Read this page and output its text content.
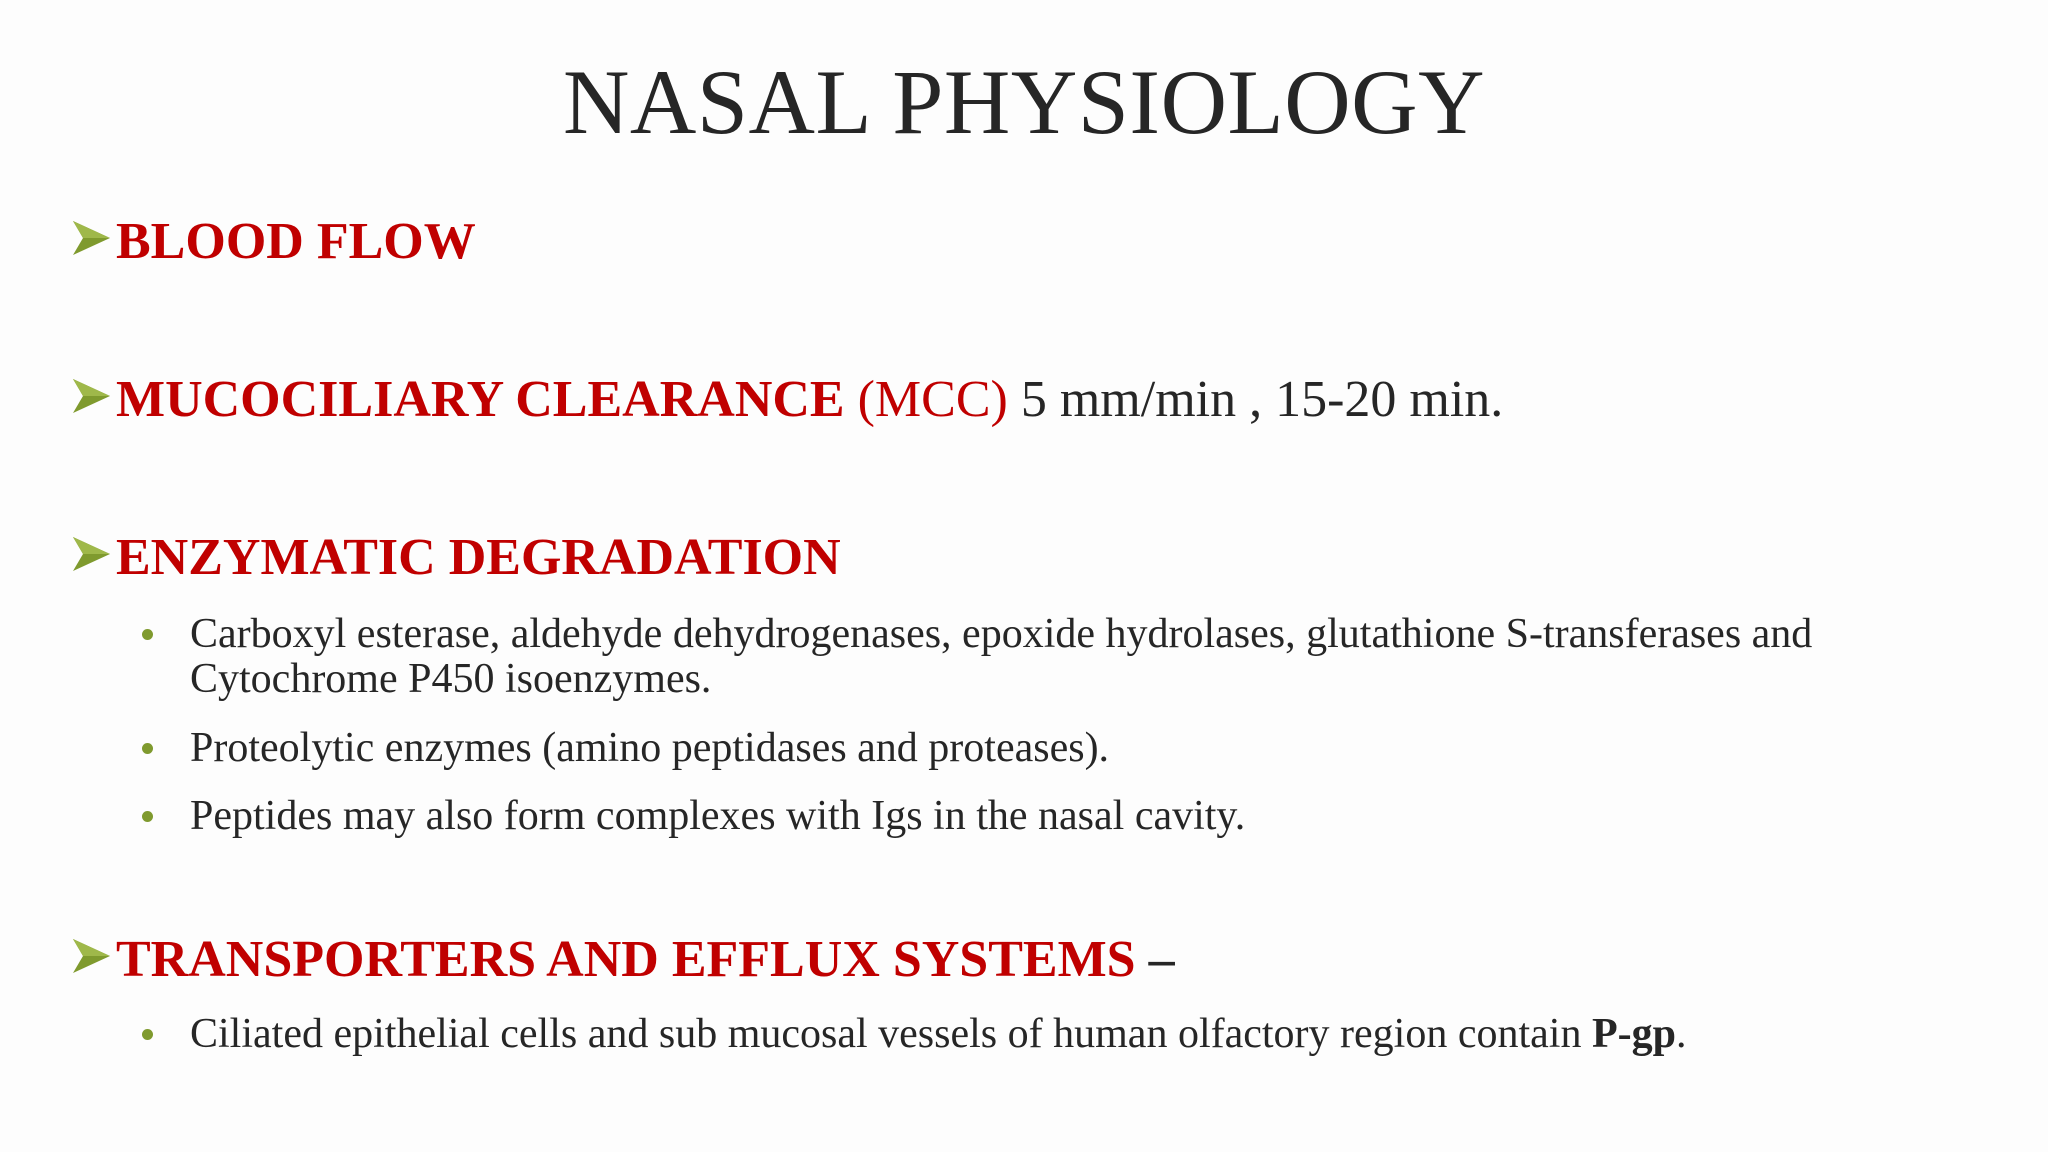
NASAL PHYSIOLOGY
BLOOD FLOW
MUCOCILIARY CLEARANCE (MCC) 5 mm/min , 15-20 min.
ENZYMATIC DEGRADATION
Carboxyl esterase, aldehyde dehydrogenases, epoxide hydrolases, glutathione S-transferases and Cytochrome P450 isoenzymes.
Proteolytic enzymes (amino peptidases and proteases).
Peptides may also form complexes with Igs in the nasal cavity.
TRANSPORTERS AND EFFLUX SYSTEMS –
Ciliated epithelial cells and sub mucosal vessels of human olfactory region contain P-gp.
